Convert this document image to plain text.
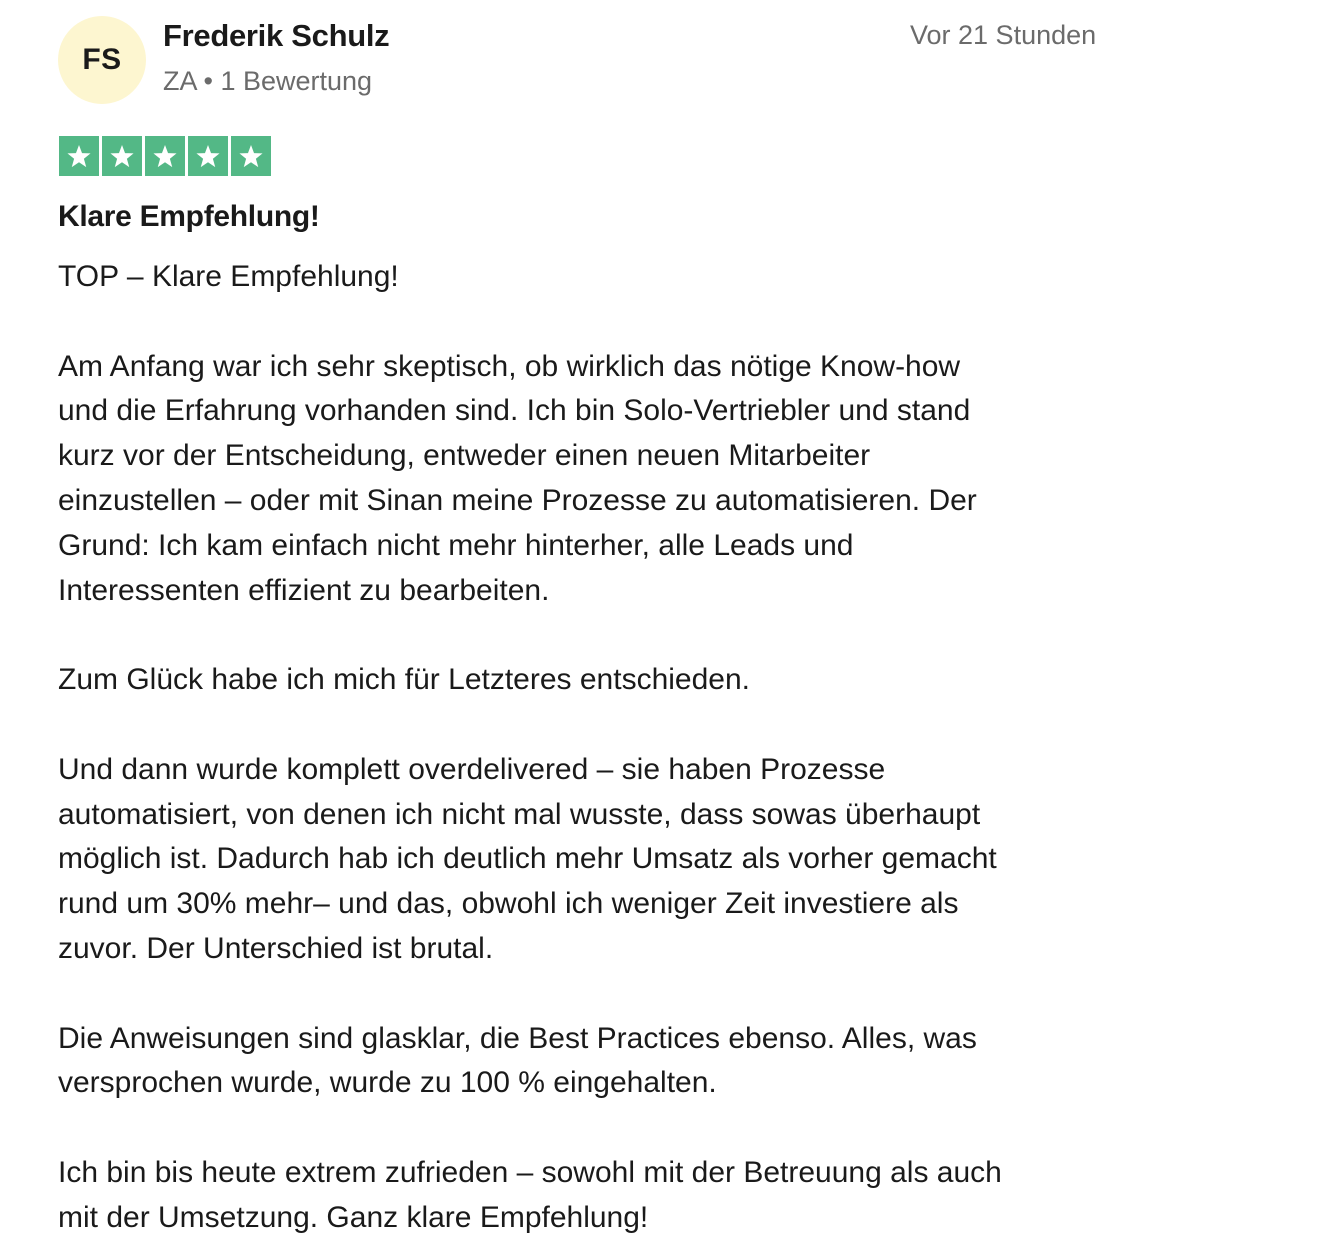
FS
Frederik Schulz
ZA • 1 Bewertung
Vor 21 Stunden
Klare Empfehlung!

TOP – Klare Empfehlung!

Am Anfang war ich sehr skeptisch, ob wirklich das nötige Know-how

und die Erfahrung vorhanden sind. Ich bin Solo-Vertriebler und stand

kurz vor der Entscheidung, entweder einen neuen Mitarbeiter

einzustellen – oder mit Sinan meine Prozesse zu automatisieren. Der

Grund: Ich kam einfach nicht mehr hinterher, alle Leads und

Interessenten effizient zu bearbeiten.

Zum Glück habe ich mich für Letzteres entschieden.

Und dann wurde komplett overdelivered – sie haben Prozesse

automatisiert, von denen ich nicht mal wusste, dass sowas überhaupt

möglich ist. Dadurch hab ich deutlich mehr Umsatz als vorher gemacht

rund um 30% mehr– und das, obwohl ich weniger Zeit investiere als

zuvor. Der Unterschied ist brutal.

Die Anweisungen sind glasklar, die Best Practices ebenso. Alles, was

versprochen wurde, wurde zu 100 % eingehalten.

Ich bin bis heute extrem zufrieden – sowohl mit der Betreuung als auch

mit der Umsetzung. Ganz klare Empfehlung!
